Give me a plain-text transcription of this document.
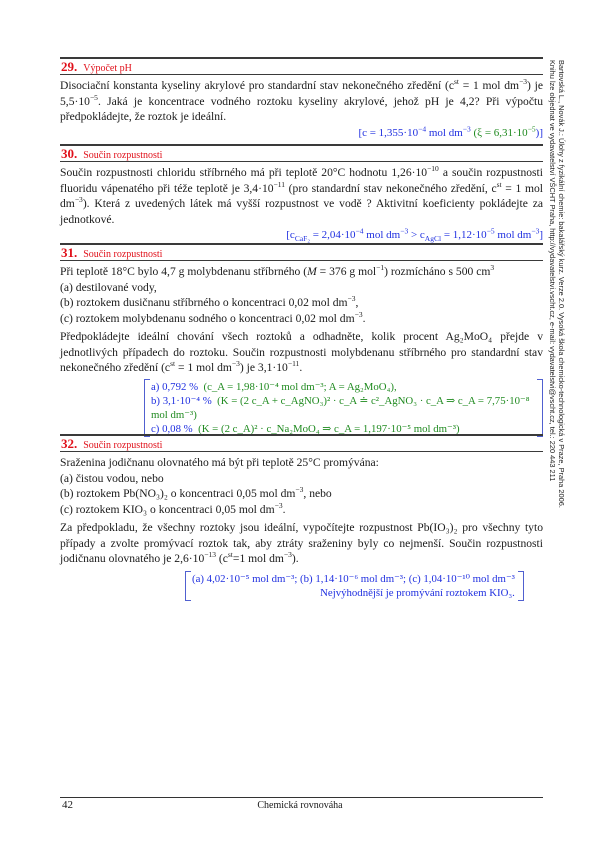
Bartovská L., Novák J.: Úlohy z fyzikální chemie: bakalářský kurz. Verze 2.0. Vysoká škola chemicko-technologická v Praze, Praha 2006.
Knihu lze objednat ve vydavatelství VŠCHT Praha, http://vydavatelstvi.vscht.cz, e-mail: vydavatelstvi@vscht.cz, tel.: 220 443 211
29. Výpočet pH

Disociační konstanta kyseliny akrylové pro standardní stav nekonečného zředění ($c^{st} = 1$ mol $dm^{-3}$) je $5,5\cdot 10^{-5}$. Jaká je koncentrace vodného roztoku kyseliny akrylové, jehož pH je 4,2? Při výpočtu předpokládejte, že roztok je ideální.

[$c = 1,355\cdot 10^{-4}$ mol $dm^{-3}$ $(\xi = 6,31\cdot 10^{-5})$]
30. Součin rozpustnosti

Součin rozpustnosti chloridu stříbrného má při teplotě 20°C hodnotu $1,26\cdot 10^{-10}$ a součin rozpustnosti fluoridu vápenatého při téže teplotě je $3,4\cdot 10^{-11}$ (pro standardní stav nekonečného zředění, $c^{st} = 1$ mol $dm^{-3}$). Která z uvedených látek má vyšší rozpustnost ve vodě ? Aktivitní koeficienty pokládejte za jednotkové.

[$c_{CaF_2} = 2,04\cdot 10^{-4}$ mol $dm^{-3} > c_{AgCl} = 1,12\cdot 10^{-5}$ mol $dm^{-3}$]
31. Součin rozpustnosti

Při teplotě 18°C bylo 4,7 g molybdenanu stříbrného (M = 376 g mol$^{-1}$) rozmícháno s 500 $cm^3$

(a) destilované vody,

(b) roztokem dusičnanu stříbrného o koncentraci 0,02 mol $dm^{-3}$,

(c) roztokem molybdenanu sodného o koncentraci 0,02 mol $dm^{-3}$.

Předpokládejte ideální chování všech roztoků a odhadněte, kolik procent Ag₂MoO₄ přejde v jednotlivých případech do roztoku. Součin rozpustnosti molybdenanu stříbrného pro standardní stav nekonečného zředění ($c^{st} = 1$ mol $dm^{-3}$) je $3,1\cdot 10^{-11}$.

a) 0,792 % (c_A = 1,98·10⁻⁴ mol dm⁻³; A = Ag₂MoO₄),
b) 3,1·10⁻⁴ % (K = (2 c_A + c_AgNO₃)² · c_A ≐ c²_AgNO₃ · c_A ⇒ c_A = 7,75·10⁻⁸ mol dm⁻³)
c) 0,08 % (K = (2 c_A)² · c_Na₂MoO₄ ⇒ c_A = 1,197·10⁻⁵ mol dm⁻³)
32. Součin rozpustnosti

Sraženina jodičnanu olovnatého má být při teplotě 25°C promývána:

(a) čistou vodou, nebo

(b) roztokem Pb(NO₃)₂ o koncentraci 0,05 mol $dm^{-3}$, nebo

(c) roztokem KIO₃ o koncentraci 0,05 mol $dm^{-3}$.

Za předpokladu, že všechny roztoky jsou ideální, vypočítejte rozpustnost Pb(IO₃)₂ pro všechny tyto případy a zvolte promývací roztok tak, aby ztráty sraženiny byly co nejmenší. Součin rozpustnosti jodičnanu olovnatého je $2,6\cdot 10^{-13}$ ($c^{st}=1$ mol $dm^{-3}$).

(a) 4,02·10⁻⁵ mol dm⁻³; (b) 1,14·10⁻⁶ mol dm⁻³; (c) 1,04·10⁻¹⁰ mol dm⁻³
Nejvýhodnější je promývání roztokem KIO₃.
42	Chemická rovnováha
